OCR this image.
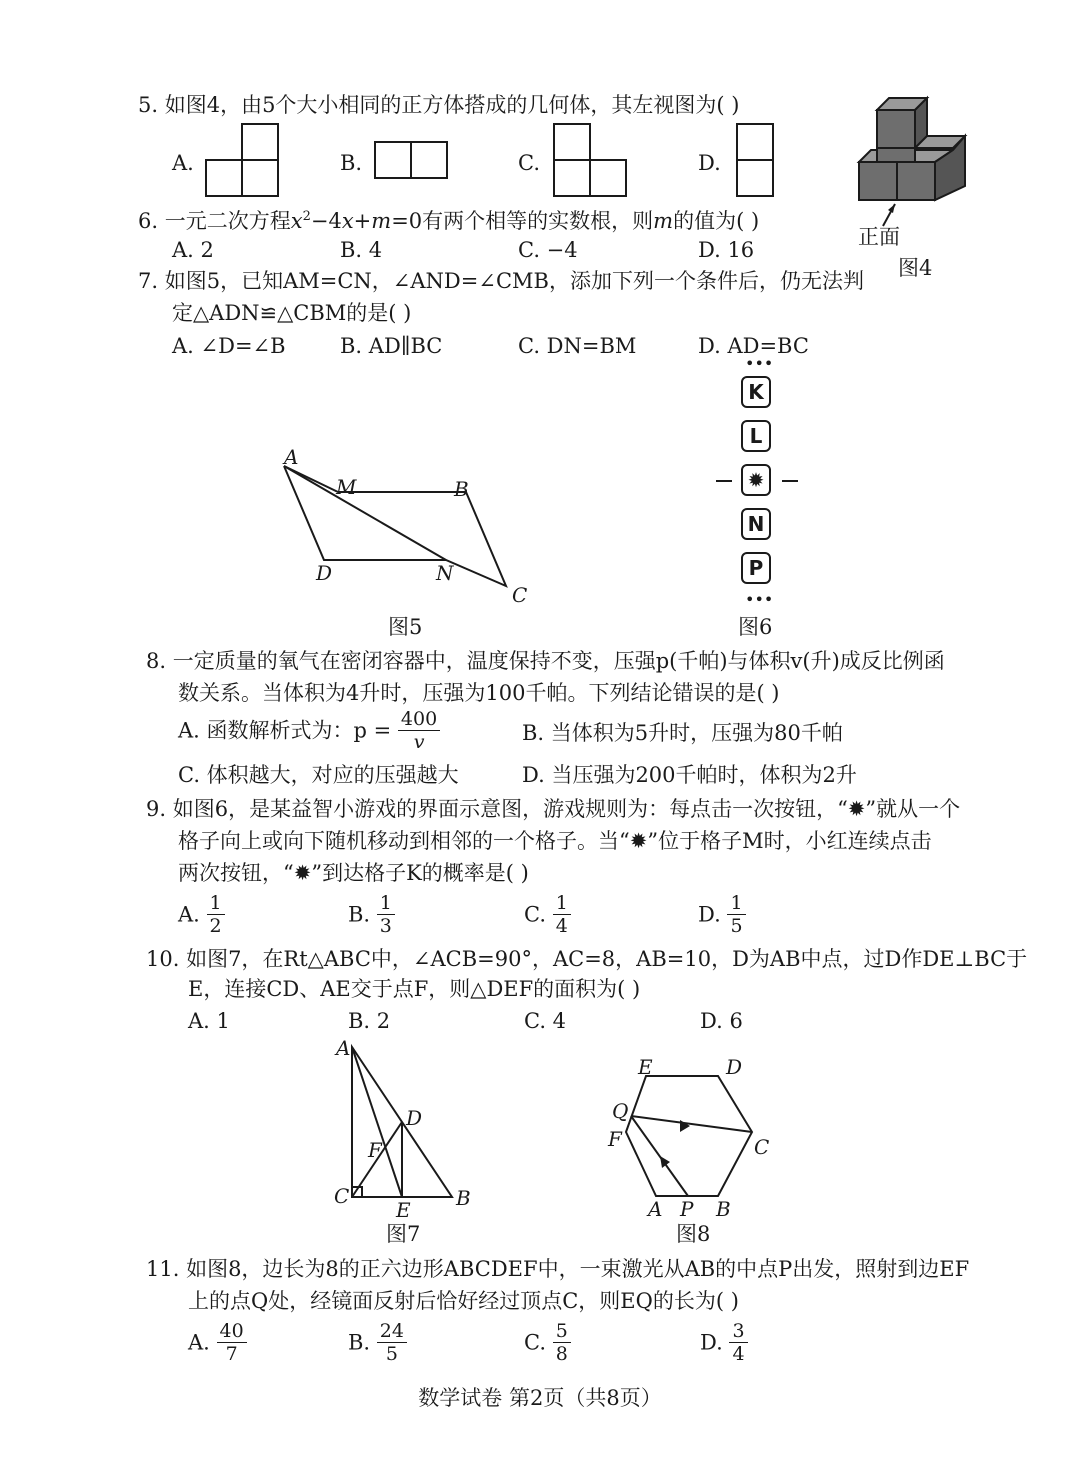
5. 如图4，由5个大小相同的正方体搭成的几何体，其左视图为( )
A.	B.	C.	D.
正面
图4
6. 一元二次方程$x^2-4x+m=0$有两个相等的实数根，则m的值为( )
A. 2	B. 4	C. −4	D. 16
7. 如图5，已知AM=CN，∠AND=∠CMB，添加下列一个条件后，仍无法判
定△ADN≌△CBM的是( )
A. ∠D=∠B	B. AD∥BC	C. DN=BM	D. AD=BC
A
M	B
D	N
C
图5
•••
K
L
✹
N
P
•••
图6
8. 一定质量的氧气在密闭容器中，温度保持不变，压强p(千帕)与体积v(升)成反比例函
数关系。当体积为4升时，压强为100千帕。下列结论错误的是( )
A. 函数解析式为：$p = \frac{400}{v}$	B. 当体积为5升时，压强为80千帕
C. 体积越大，对应的压强越大	D. 当压强为200千帕时，体积为2升
9. 如图6，是某益智小游戏的界面示意图，游戏规则为：每点击一次按钮，“✹”就从一个
格子向上或向下随机移动到相邻的一个格子。当“✹”位于格子M时，小红连续点击
两次按钮，“✹”到达格子K的概率是( )
A. $\frac{1}{2}$	B. $\frac{1}{3}$	C. $\frac{1}{4}$	D. $\frac{1}{5}$
10. 如图7，在Rt△ABC中，∠ACB=90°，AC=8，AB=10，D为AB中点，过D作DE⊥BC于
E，连接CD、AE交于点F，则△DEF的面积为( )
A. 1	B. 2	C. 4	D. 6
A
D
F
C
E B
图7
E	D
Q
F	C
A P B
图8
11. 如图8，边长为8的正六边形ABCDEF中，一束激光从AB的中点P出发，照射到边EF
上的点Q处，经镜面反射后恰好经过顶点C，则EQ的长为( )
A. $\frac{40}{7}$	B. $\frac{24}{5}$	C. $\frac{5}{8}$	D. $\frac{3}{4}$
数学试卷 第2页（共8页）
